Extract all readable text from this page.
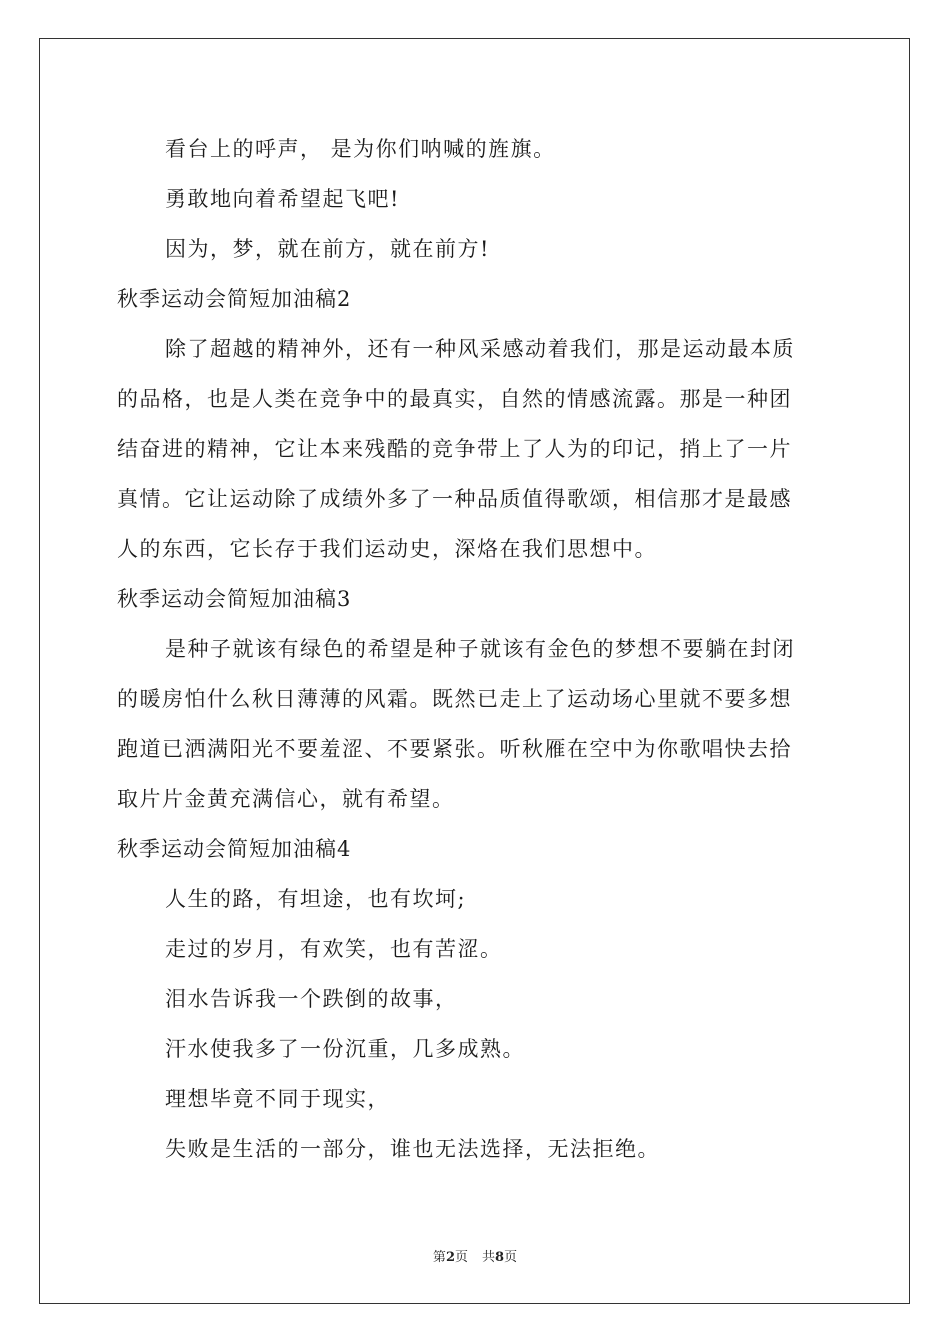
看台上的呼声， 是为你们呐喊的旌旗。
勇敢地向着希望起飞吧!
因为，梦，就在前方，就在前方!
秋季运动会简短加油稿2
除了超越的精神外，还有一种风采感动着我们，那是运动最本质
的品格，也是人类在竞争中的最真实，自然的情感流露。那是一种团
结奋进的精神，它让本来残酷的竞争带上了人为的印记，捎上了一片
真情。它让运动除了成绩外多了一种品质值得歌颂，相信那才是最感
人的东西，它长存于我们运动史，深烙在我们思想中。
秋季运动会简短加油稿3
是种子就该有绿色的希望是种子就该有金色的梦想不要躺在封闭
的暖房怕什么秋日薄薄的风霜。既然已走上了运动场心里就不要多想
跑道已洒满阳光不要羞涩、不要紧张。听秋雁在空中为你歌唱快去拾
取片片金黄充满信心，就有希望。
秋季运动会简短加油稿4
人生的路，有坦途，也有坎坷;
走过的岁月，有欢笑，也有苦涩。
泪水告诉我一个跌倒的故事，
汗水使我多了一份沉重，几多成熟。
理想毕竟不同于现实，
失败是生活的一部分，谁也无法选择，无法拒绝。
第2页 共8页
